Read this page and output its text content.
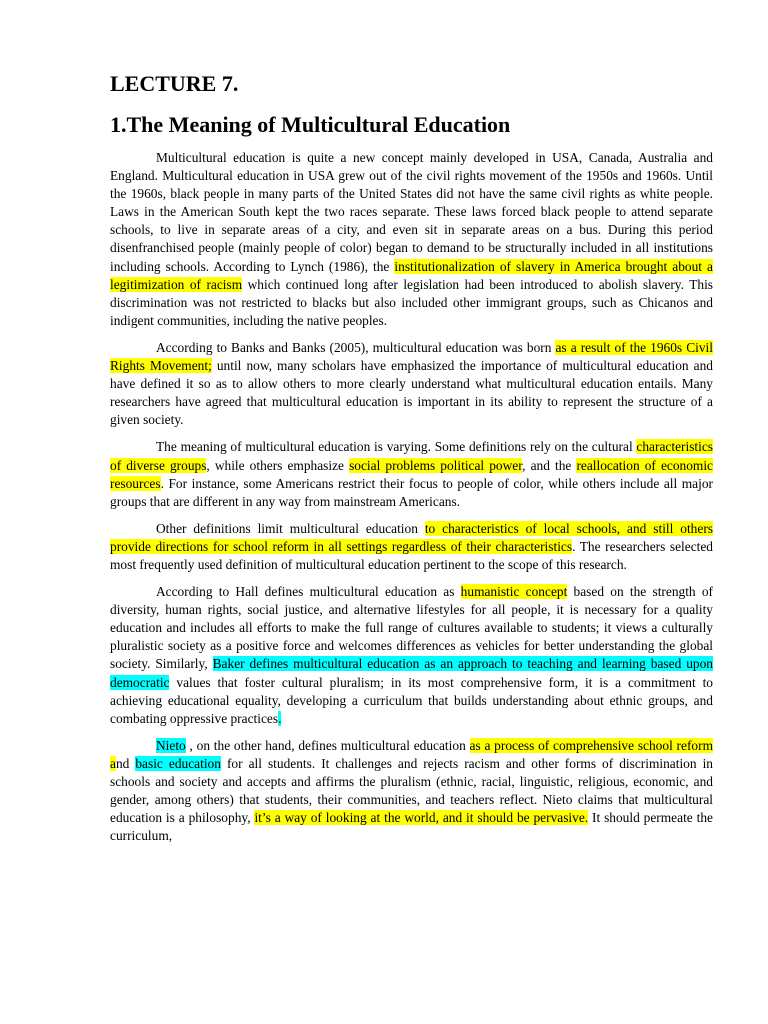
LECTURE 7.
1.The Meaning of Multicultural Education

Multicultural education is quite a new concept mainly developed in USA, Canada, Australia and England. Multicultural education in USA grew out of the civil rights movement of the 1950s and 1960s. Until the 1960s, black people in many parts of the United States did not have the same civil rights as white people. Laws in the American South kept the two races separate. These laws forced black people to attend separate schools, to live in separate areas of a city, and even sit in separate areas on a bus. During this period disenfranchised people (mainly people of color) began to demand to be structurally included in all institutions including schools. According to Lynch (1986), the institutionalization of slavery in America brought about a legitimization of racism which continued long after legislation had been introduced to abolish slavery. This discrimination was not restricted to blacks but also included other immigrant groups, such as Chicanos and indigent communities, including the native peoples.

According to Banks and Banks (2005), multicultural education was born as a result of the 1960s Civil Rights Movement; until now, many scholars have emphasized the importance of multicultural education and have defined it so as to allow others to more clearly understand what multicultural education entails. Many researchers have agreed that multicultural education is important in its ability to represent the structure of a given society.

The meaning of multicultural education is varying. Some definitions rely on the cultural characteristics of diverse groups, while others emphasize social problems political power, and the reallocation of economic resources. For instance, some Americans restrict their focus to people of color, while others include all major groups that are different in any way from mainstream Americans.

Other definitions limit multicultural education to characteristics of local schools, and still others provide directions for school reform in all settings regardless of their characteristics. The researchers selected most frequently used definition of multicultural education pertinent to the scope of this research.

According to Hall defines multicultural education as humanistic concept based on the strength of diversity, human rights, social justice, and alternative lifestyles for all people, it is necessary for a quality education and includes all efforts to make the full range of cultures available to students; it views a culturally pluralistic society as a positive force and welcomes differences as vehicles for better understanding the global society. Similarly, Baker defines multicultural education as an approach to teaching and learning based upon democratic values that foster cultural pluralism; in its most comprehensive form, it is a commitment to achieving educational equality, developing a curriculum that builds understanding about ethnic groups, and combating oppressive practices.

Nieto , on the other hand, defines multicultural education as a process of comprehensive school reform and basic education for all students. It challenges and rejects racism and other forms of discrimination in schools and society and accepts and affirms the pluralism (ethnic, racial, linguistic, religious, economic, and gender, among others) that students, their communities, and teachers reflect. Nieto claims that multicultural education is a philosophy, it’s a way of looking at the world, and it should be pervasive. It should permeate the curriculum,
